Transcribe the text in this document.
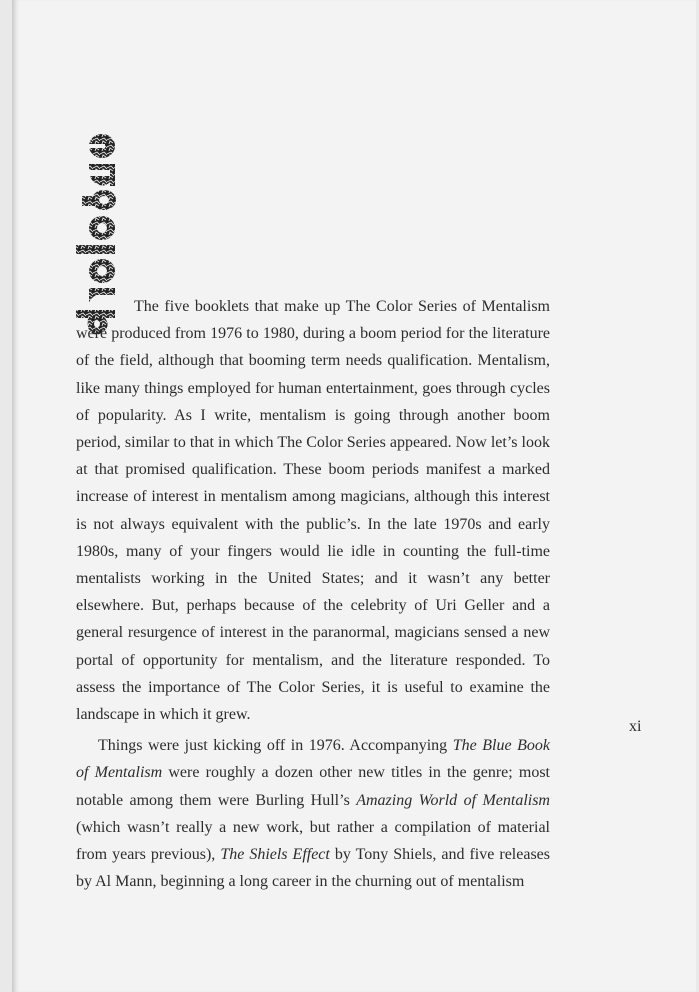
The five booklets that make up The Color Series of Mentalism were produced from 1976 to 1980, during a boom period for the literature of the field, although that booming term needs qualification. Mentalism, like many things employed for human entertainment, goes through cycles of popularity. As I write, mentalism is going through another boom period, similar to that in which The Color Series appeared. Now let’s look at that promised qualification. These boom periods manifest a marked increase of interest in mentalism among magicians, although this interest is not always equivalent with the public’s. In the late 1970s and early 1980s, many of your fingers would lie idle in counting the full-time mentalists working in the United States; and it wasn’t any better elsewhere. But, perhaps because of the celebrity of Uri Geller and a general resurgence of interest in the paranormal, magicians sensed a new portal of opportunity for mentalism, and the literature responded. To assess the importance of The Color Series, it is useful to examine the landscape in which it grew.

Things were just kicking off in 1976. Accompanying The Blue Book of Mentalism were roughly a dozen other new titles in the genre; most notable among them were Burling Hull’s Amazing World of Mentalism (which wasn’t really a new work, but rather a compilation of material from years previous), The Shiels Effect by Tony Shiels, and five releases by Al Mann, beginning a long career in the churning out of mentalism

xi
